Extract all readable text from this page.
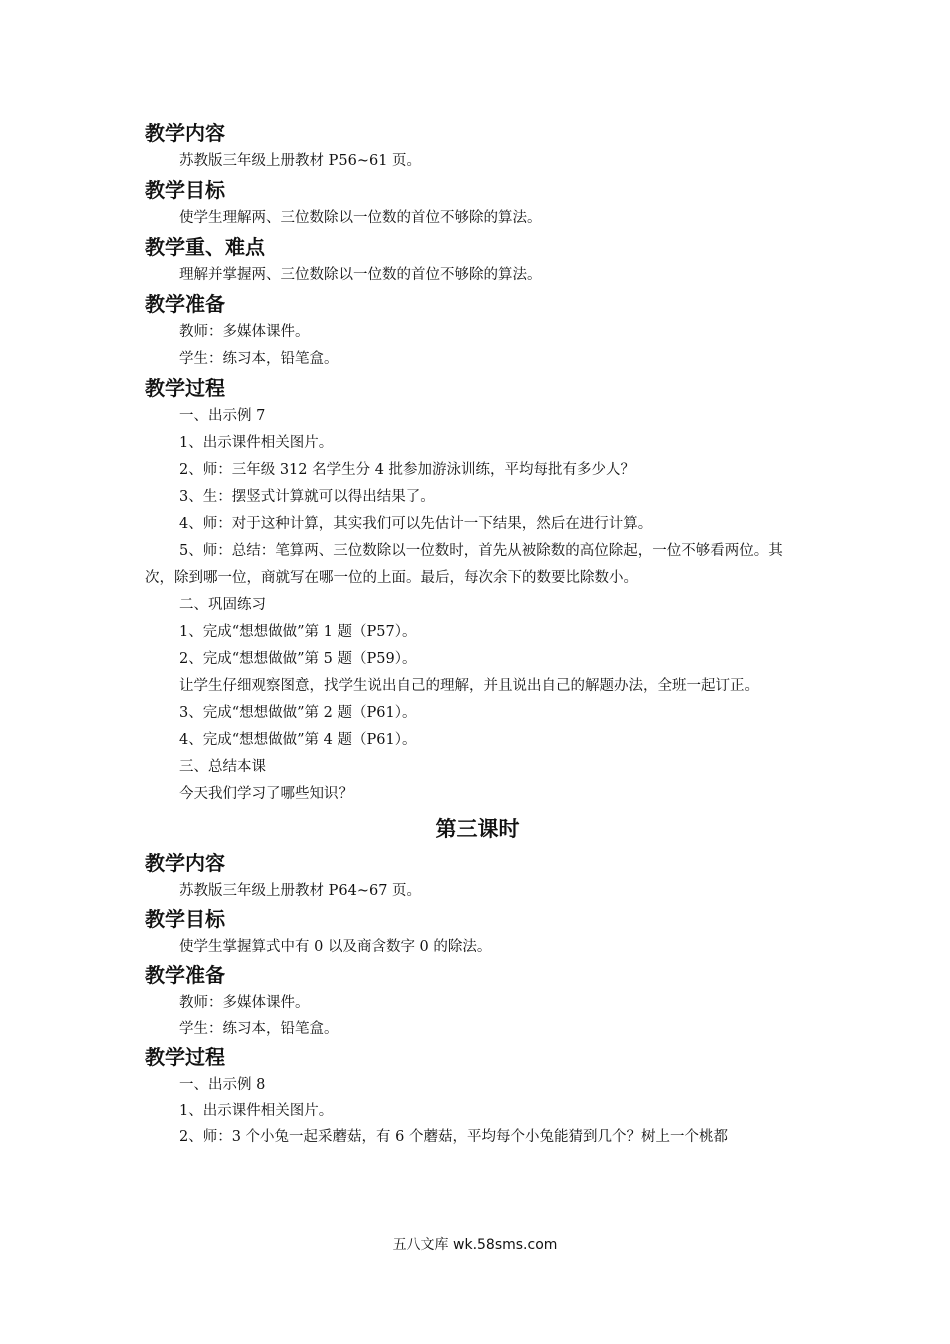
教学内容

苏教版三年级上册教材 P56~61 页。

教学目标

使学生理解两、三位数除以一位数的首位不够除的算法。

教学重、难点

理解并掌握两、三位数除以一位数的首位不够除的算法。

教学准备

教师：多媒体课件。

学生：练习本，铅笔盒。

教学过程

一、出示例 7

1、出示课件相关图片。

2、师：三年级 312 名学生分 4 批参加游泳训练，平均每批有多少人？

3、生：摆竖式计算就可以得出结果了。

4、师：对于这种计算，其实我们可以先估计一下结果，然后在进行计算。

5、师：总结：笔算两、三位数除以一位数时，首先从被除数的高位除起，一位不够看两位。其次，除到哪一位，商就写在哪一位的上面。最后，每次余下的数要比除数小。

二、巩固练习

1、完成“想想做做”第 1 题（P57）。

2、完成“想想做做”第 5 题（P59）。

让学生仔细观察图意，找学生说出自己的理解，并且说出自己的解题办法，全班一起订正。

3、完成“想想做做”第 2 题（P61）。

4、完成“想想做做”第 4 题（P61）。

三、总结本课

今天我们学习了哪些知识？

第三课时

教学内容

苏教版三年级上册教材 P64~67 页。

教学目标

使学生掌握算式中有 0 以及商含数字 0 的除法。

教学准备

教师：多媒体课件。

学生：练习本，铅笔盒。

教学过程

一、出示例 8

1、出示课件相关图片。

2、师：3 个小兔一起采蘑菇，有 6 个蘑菇，平均每个小兔能猜到几个？树上一个桃都

五八文库 wk.58sms.com
